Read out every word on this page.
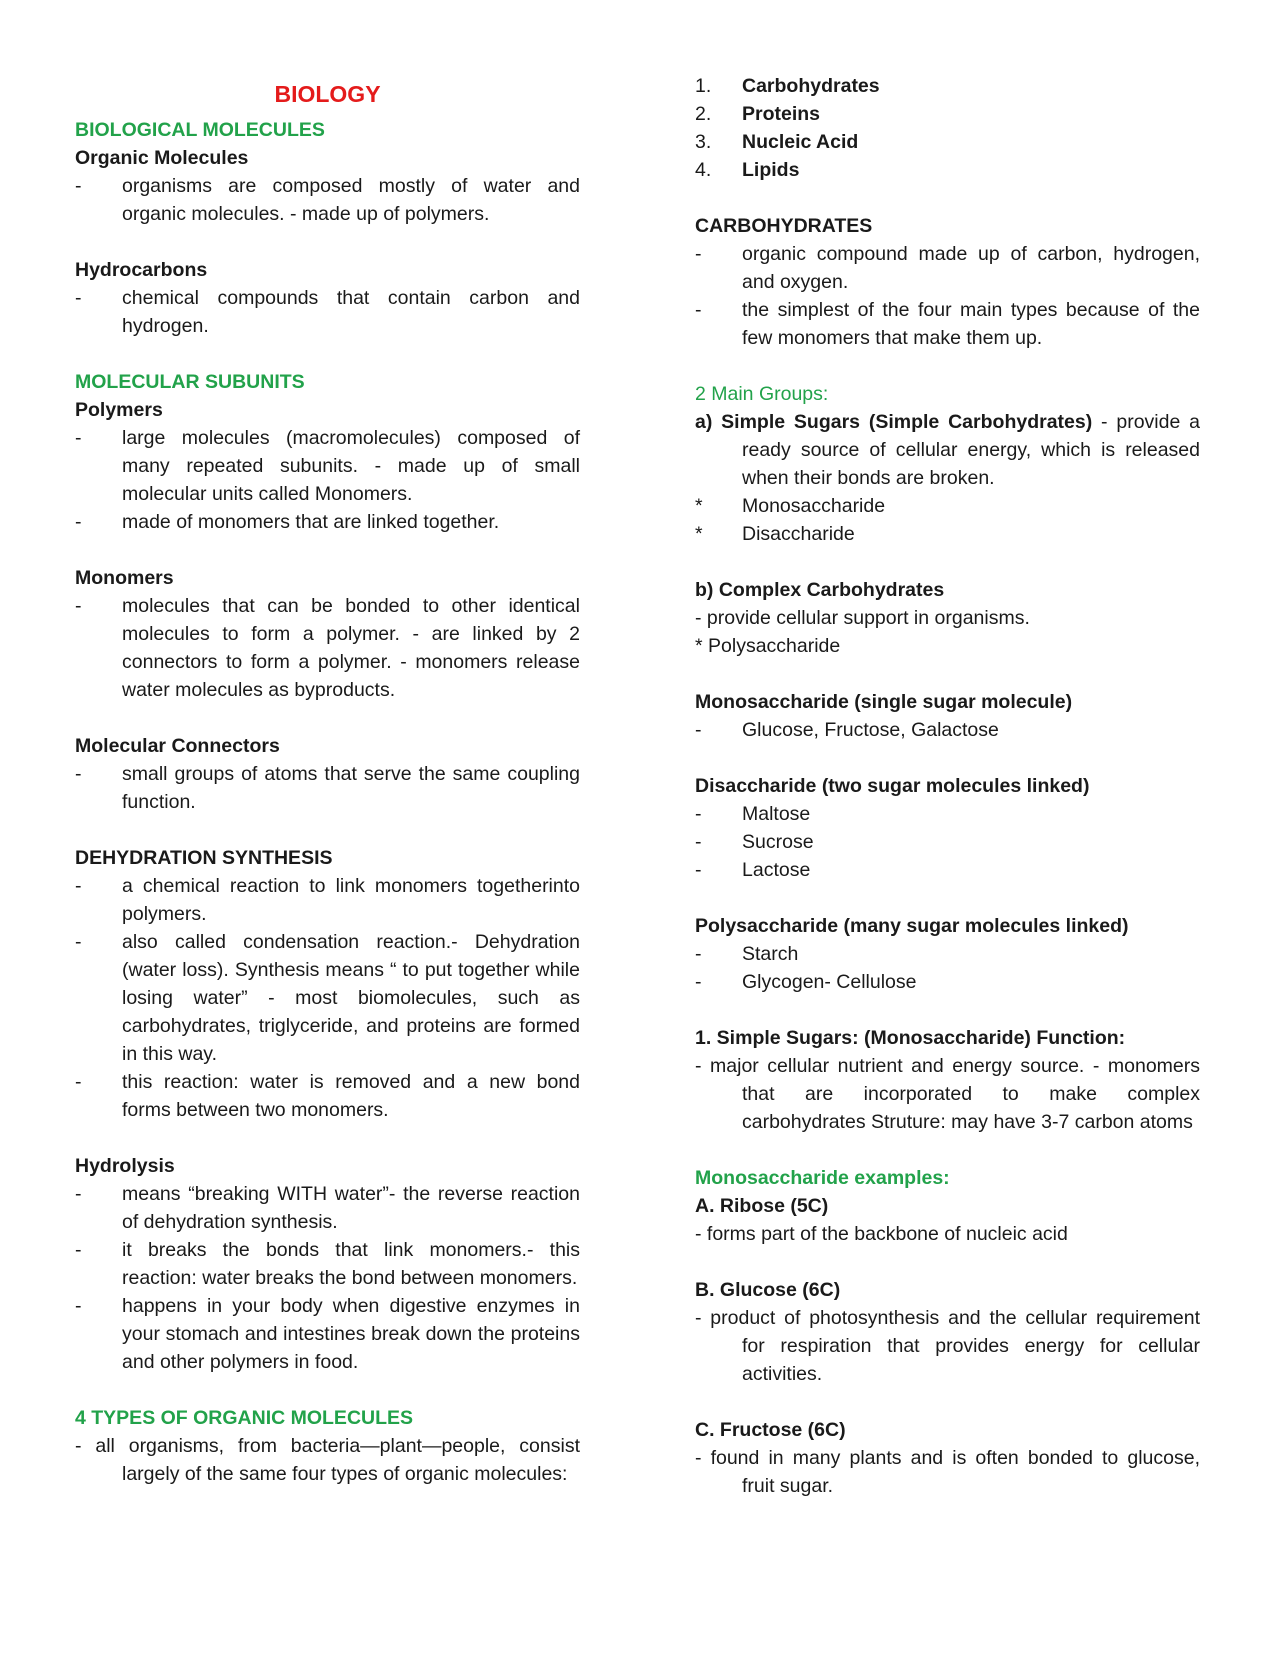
BIOLOGY
BIOLOGICAL MOLECULES
Organic Molecules
- organisms are composed mostly of water and organic molecules. - made up of polymers.
Hydrocarbons
- chemical compounds that contain carbon and hydrogen.
MOLECULAR SUBUNITS
Polymers
- large molecules (macromolecules) composed of many repeated subunits. - made up of small molecular units called Monomers.
- made of monomers that are linked together.
Monomers
- molecules that can be bonded to other identical molecules to form a polymer. - are linked by 2 connectors to form a polymer. - monomers release water molecules as byproducts.
Molecular Connectors
- small groups of atoms that serve the same coupling function.
DEHYDRATION SYNTHESIS
- a chemical reaction to link monomers togetherinto polymers.
- also called condensation reaction.- Dehydration (water loss). Synthesis means “ to put together while losing water” - most biomolecules, such as carbohydrates, triglyceride, and proteins are formed in this way.
- this reaction: water is removed and a new bond forms between two monomers.
Hydrolysis
- means “breaking WITH water”- the reverse reaction of dehydration synthesis.
- it breaks the bonds that link monomers.- this reaction: water breaks the bond between monomers.
- happens in your body when digestive enzymes in your stomach and intestines break down the proteins and other polymers in food.
4 TYPES OF ORGANIC MOLECULES
- all organisms, from bacteria—plant—people, consist largely of the same four types of organic molecules:
1. Carbohydrates
2. Proteins
3. Nucleic Acid
4. Lipids
CARBOHYDRATES
- organic compound made up of carbon, hydrogen, and oxygen.
- the simplest of the four main types because of the few monomers that make them up.
2 Main Groups:
a) Simple Sugars (Simple Carbohydrates) - provide a ready source of cellular energy, which is released when their bonds are broken.
* Monosaccharide
* Disaccharide
b) Complex Carbohydrates
- provide cellular support in organisms.
* Polysaccharide
Monosaccharide (single sugar molecule)
- Glucose, Fructose, Galactose
Disaccharide (two sugar molecules linked)
- Maltose
- Sucrose
- Lactose
Polysaccharide (many sugar molecules linked)
- Starch
- Glycogen- Cellulose
1. Simple Sugars: (Monosaccharide) Function:
- major cellular nutrient and energy source. - monomers that are incorporated to make complex carbohydrates Struture: may have 3-7 carbon atoms
Monosaccharide examples:
A. Ribose (5C)
- forms part of the backbone of nucleic acid
B. Glucose (6C)
- product of photosynthesis and the cellular requirement for respiration that provides energy for cellular activities.
C. Fructose (6C)
- found in many plants and is often bonded to glucose, fruit sugar.
